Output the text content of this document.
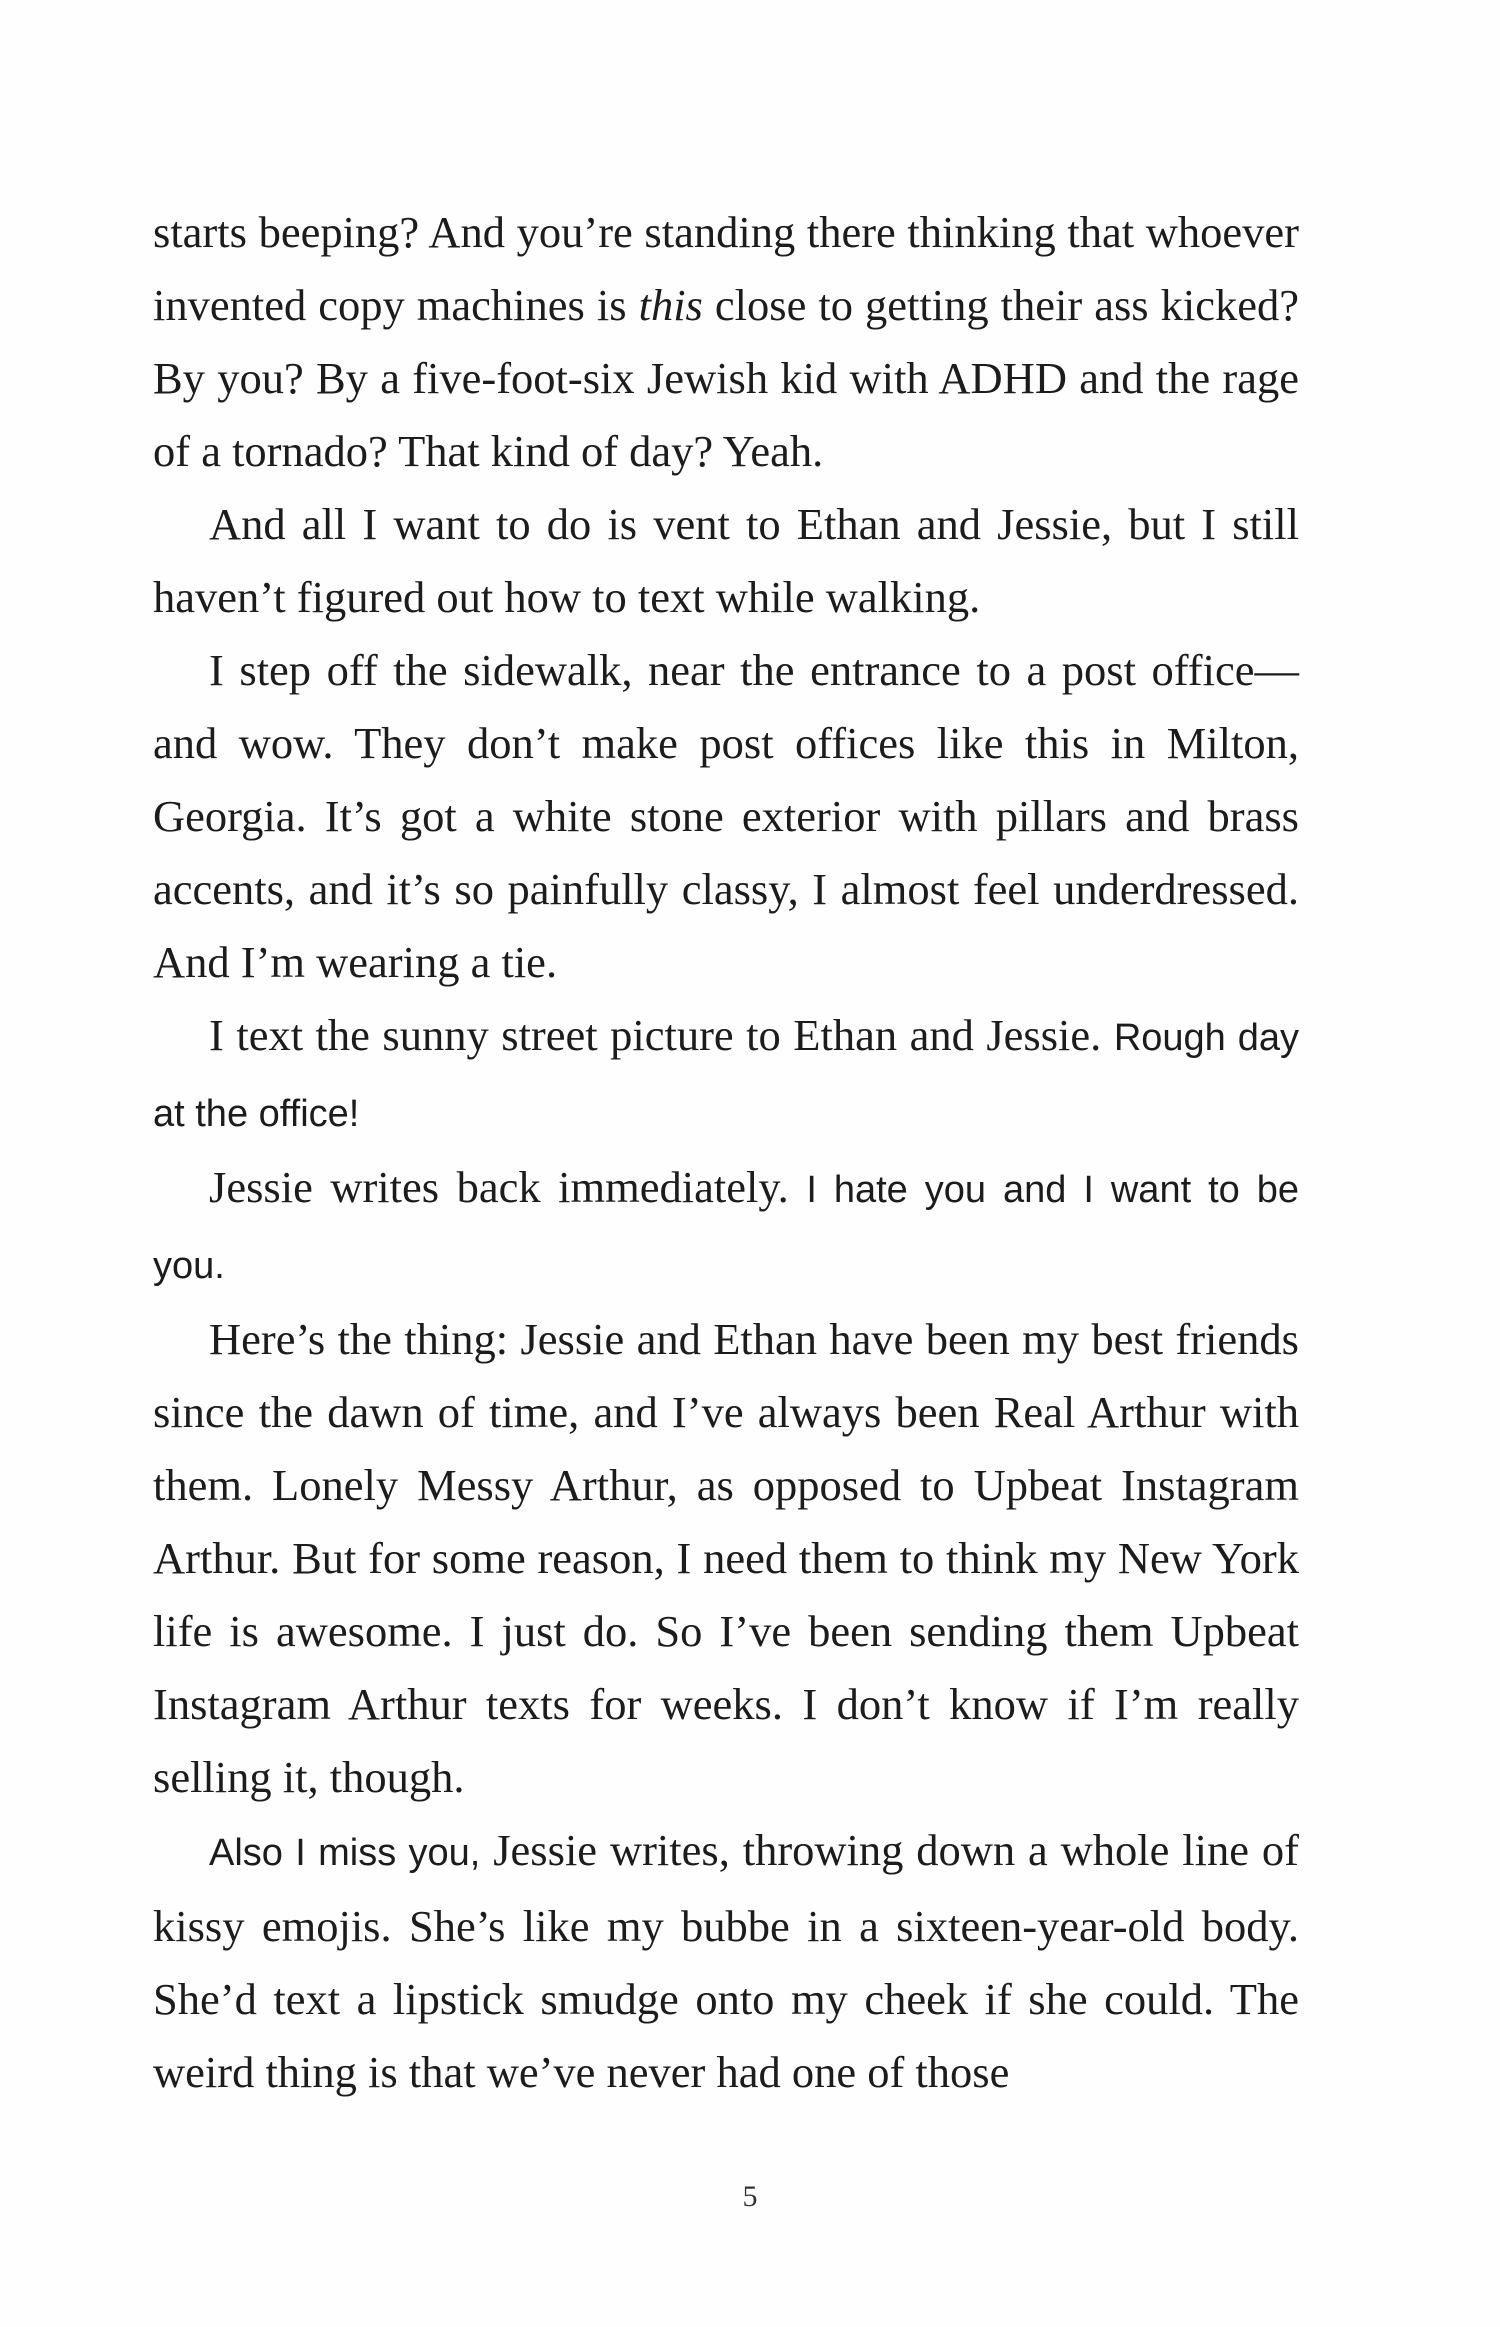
starts beeping? And you’re standing there thinking that whoever invented copy machines is this close to getting their ass kicked? By you? By a five-foot-six Jewish kid with ADHD and the rage of a tornado? That kind of day? Yeah.

And all I want to do is vent to Ethan and Jessie, but I still haven’t figured out how to text while walking.

I step off the sidewalk, near the entrance to a post office—and wow. They don’t make post offices like this in Milton, Georgia. It’s got a white stone exterior with pillars and brass accents, and it’s so painfully classy, I almost feel underdressed. And I’m wearing a tie.

I text the sunny street picture to Ethan and Jessie. Rough day at the office!

Jessie writes back immediately. I hate you and I want to be you.

Here’s the thing: Jessie and Ethan have been my best friends since the dawn of time, and I’ve always been Real Arthur with them. Lonely Messy Arthur, as opposed to Upbeat Instagram Arthur. But for some reason, I need them to think my New York life is awesome. I just do. So I’ve been sending them Upbeat Instagram Arthur texts for weeks. I don’t know if I’m really selling it, though.

Also I miss you, Jessie writes, throwing down a whole line of kissy emojis. She’s like my bubbe in a sixteen-year-old body. She’d text a lipstick smudge onto my cheek if she could. The weird thing is that we’ve never had one of those

5
